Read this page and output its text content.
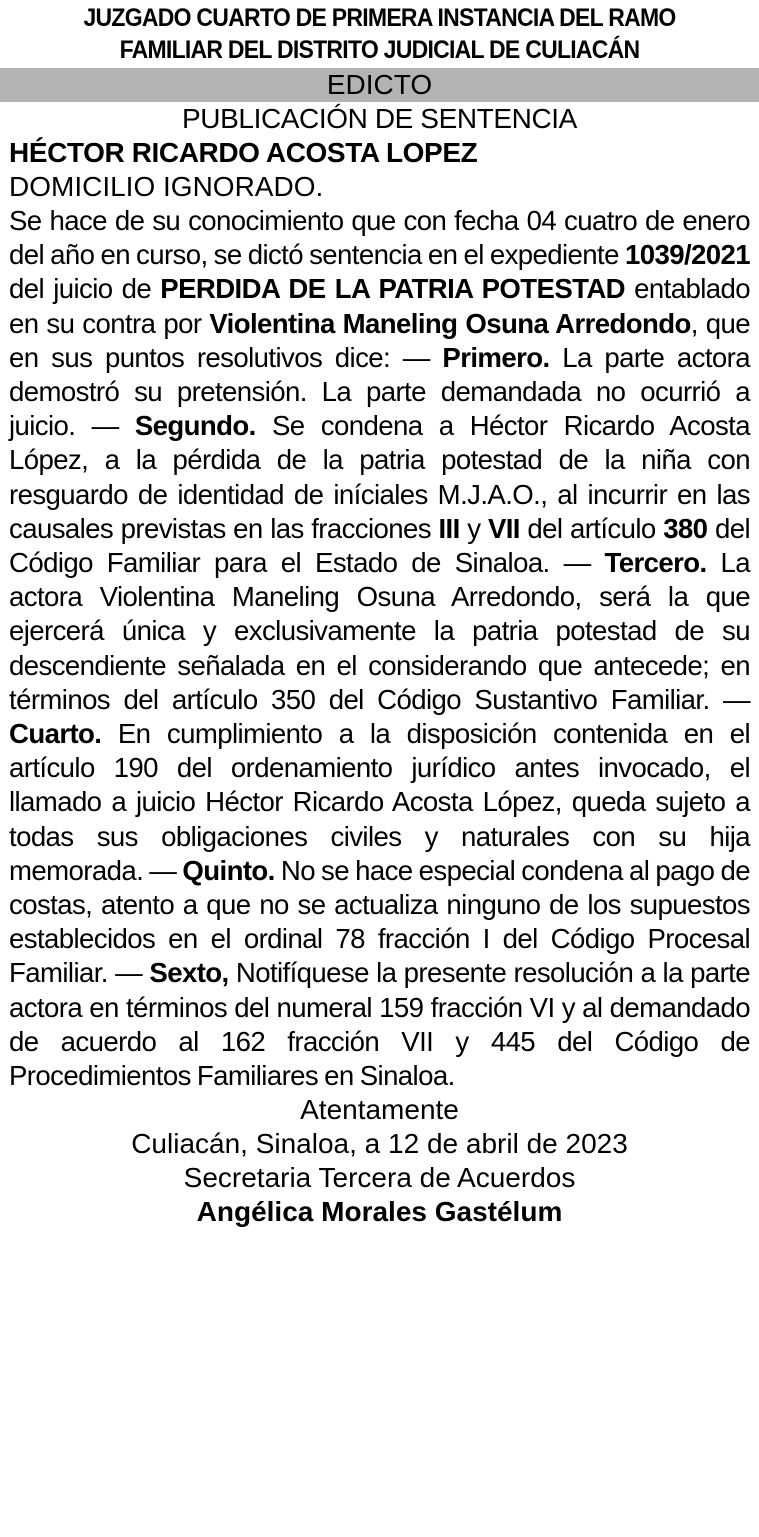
JUZGADO CUARTO DE PRIMERA INSTANCIA DEL RAMO
FAMILIAR DEL DISTRITO JUDICIAL DE CULIACÁN
EDICTO
PUBLICACIÓN DE SENTENCIA
HÉCTOR RICARDO ACOSTA LOPEZ
DOMICILIO IGNORADO.
Se hace de su conocimiento que con fecha 04 cuatro de enero del año en curso, se dictó sentencia en el expediente 1039/2021 del juicio de PERDIDA DE LA PATRIA POTESTAD entablado en su contra por Violentina Maneling Osuna Arredondo, que en sus puntos resolutivos dice: — Primero. La parte actora demostró su pretensión. La parte demandada no ocurrió a juicio. — Segundo. Se condena a Héctor Ricardo Acosta López, a la pérdida de la patria potestad de la niña con resguardo de identidad de iníciales M.J.A.O., al incurrir en las causales previstas en las fracciones III y VII del artículo 380 del Código Familiar para el Estado de Sinaloa. — Tercero. La actora Violentina Maneling Osuna Arredondo, será la que ejercerá única y exclusivamente la patria potestad de su descendiente señalada en el considerando que antecede; en términos del artículo 350 del Código Sustantivo Familiar. — Cuarto. En cumplimiento a la disposición contenida en el artículo 190 del ordenamiento jurídico antes invocado, el llamado a juicio Héctor Ricardo Acosta López, queda sujeto a todas sus obligaciones civiles y naturales con su hija memorada. — Quinto. No se hace especial condena al pago de costas, atento a que no se actualiza ninguno de los supuestos establecidos en el ordinal 78 fracción I del Código Procesal Familiar. — Sexto, Notifíquese la presente resolución a la parte actora en términos del numeral 159 fracción VI y al demandado de acuerdo al 162 fracción VII y 445 del Código de Procedimientos Familiares en Sinaloa.
Atentamente
Culiacán, Sinaloa, a 12 de abril de 2023
Secretaria Tercera de Acuerdos
Angélica Morales Gastélum
